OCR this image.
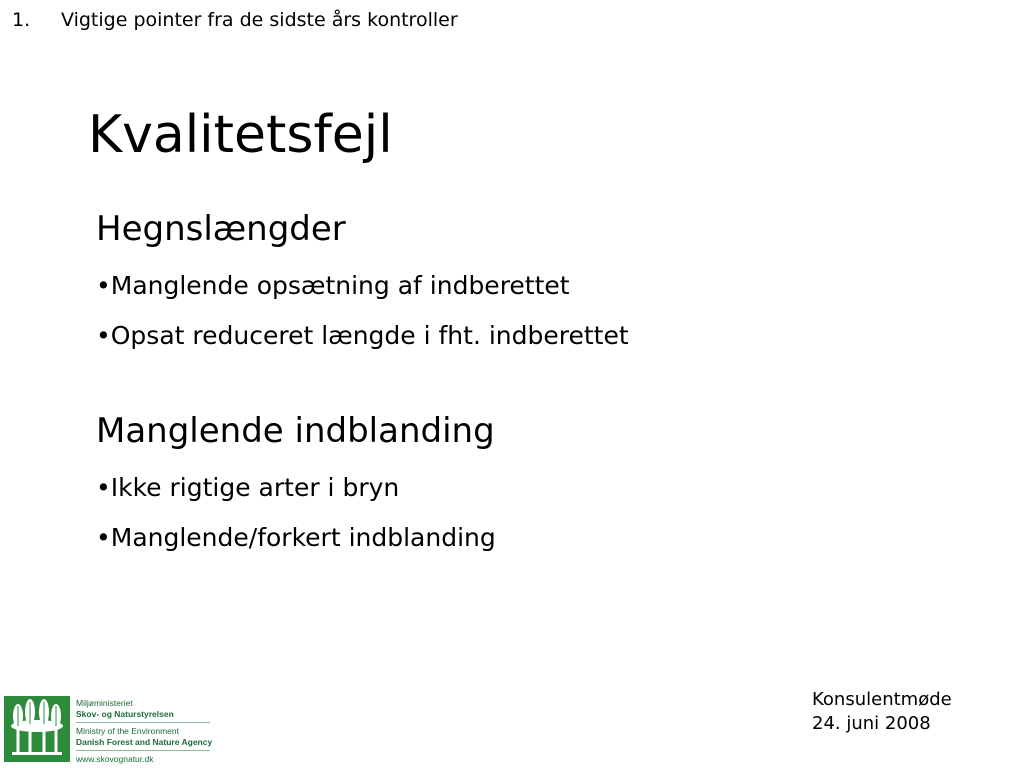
1. Vigtige pointer fra de sidste års kontroller
Kvalitetsfejl
Hegnslængder
•Manglende opsætning af indberettet
•Opsat reduceret længde i fht. indberettet
Manglende indblanding
•Ikke rigtige arter i bryn
•Manglende/forkert indblanding
Miljøministeriet
Skov- og Naturstyrelsen
Ministry of the Environment
Danish Forest and Nature Agency
www.skovognatur.dk
Konsulentmøde
24. juni 2008
